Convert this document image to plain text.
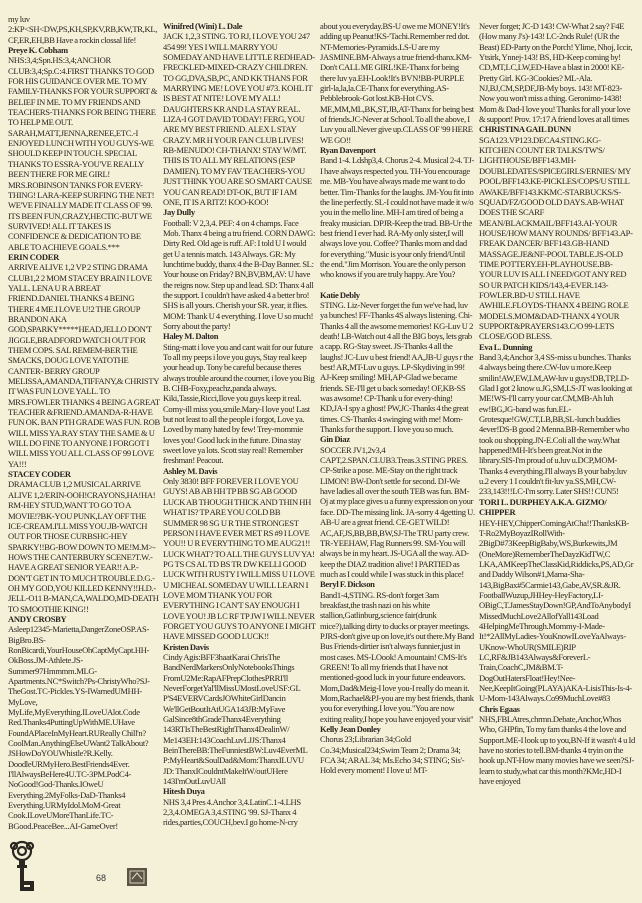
my luv 2:KP<SH<DW,PS,KH,SP,KV,RB,KW,TR,KL,CF,ER,EH,BB Have a rockin clossal life!
Preye K. Cobham
NHS:3,4;Spn.HS:3,4;ANCHOR CLUB:3,4;Sp.C:4.FIRST THANKS TO GOD FOR HIS GUIDANCE OVER ME. TO MY FAMILY-THANKS FOR YOUR SUPPORT & BELIEF IN ME. TO MY FRIENDS AND TEACHERS-THANKS FOR BEING THERE TO HELP ME OUT. SARAH,MATT,JENNA,RENEE,ETC.-I ENJOYED LUNCH WITH YOU GUYS-WE SHOULD KEEP IN TOUCH. SPECIAL THANKS TO ESSRA-YOU'VE REALLY BEEN THERE FOR ME GIRL! MRS.ROBINSON TANKS FOR EVERY-THING! LARA-KEEP SURFING THE NET! WE'VE FINALLY MADE IT CLASS OF '99. ITS BEEN FUN,CRAZY,HECTIC-BUT WE SURVIVED! ALL IT TAKES IS CONFIDENCE & DEDICATION TO BE ABLE TO ACHIEVE GOALS.***
ERIN CODER
ARRIVE ALIVE 1,2 VP 2 STING DRAMA CLUB1,2 2 MOM STACEY BRAIN I LOVE YALL. LENA U R A BREAT FRIEND.DANIEL THANKS 4 BEING THERE 4 ME.I LOVE U!2 THE GROUP BRANDON AKA GOD,SPARKY*****HEAD,JELLO DON'T JIGGLE,BRADFORD WATCH OUT FOR THEM COPS. SAL REMEM-BER THE SMACKS, DOUG LOVE YATOTHE CANTER- BERRY GROUP MELISSA,AMANDA,TIFFANY,& CHRISTY IT WAS FUN LOVE YALL. TO MRS.FOWLER THANKS 4 BEING A GREAT TEACHER &FRIEND.AMANDA-R-HAVE FUN OK. BAN PTH GRADE WAS FUN. ROB WILL MISS YA.RAY STAY THE SAME & U WILL DO FINE TO ANYONE I FORGOT I WILL MISS YOU ALL CLASS OF 99 LOVE YA!!!
STACEY CODER
DRAMA CLUB 1,2 MUSICAL ARRIVE ALIVE 1,2/ERIN-OOH!CRAYONS,HA!HA! RM-HEY STUD,WANT TO GO TO A MOVIE!?BK-YOU PUNK,LAY OFF THE ICE-CREAM.I'LL MISS YOU.JB-WATCH OUT FOR THOSE CURBSHC-HEY SPARKY!!BG-BOW DOWN TO ME!M.M>-HOWS THE CANTERBURY SCENE?T.W.-HAVE A GREAT SENIOR YEAR!! A.P.-DON'T GET IN TO MUCH TROUBLE.D.G.-OH MY GOD,YOU KILLED KENNY!!H.D.-JELL-O11 B-MAN,CA,WALDO,MD-DEATH TO SMOOTHIE KING!!
ANDY CROSBY
Asleep12345-Marietta,DangerZoneOSP.AS-BigBro.BS-RonBicardi,YourHouseOhCaptMyCapt.HH-OkBoss.JM-Athlete.JS-Summer97Hmmmm.MLG-Apartments.NC*Switch?Ps-ChristyWho?SJ-TheGost.TC-Pickles.YS-IWarnedUMHH-MyLove, MyLife,MyEverything.ILoveUAlot.Code Red.Thanks4PuttingUpWithME.UHave FoundAPlaceInMyHeart.RUReally Chill'n?CoolMan.AnythingElseUWant2 TalkAbout?JSHowDoYOUWhistle?R.Kelly. DoodleURMyHero.BestFriends4Ever. I'llAlwaysBeHere4U.TC-3PM.PodC4-NoGood!God-Thanks.IOweU Everything.2MyFolks-DaD-Thanks4 Everything.URMyIdol.MoM-Great Cook.ILoveUMoreThanLife.TC-BGood.PeaceBee...AI-GameOver!
Winifred (Wini) L. Dale
JACK 1,2,3 STING. TO RJ, I LOVE YOU 247 454 99! YES I WILL MARRY YOU SOMEDAY AND HAVE LITTLE REDHEAD-FRECKLED-MIXED-CRAZY CHILDREN. TO GG,DVA,SB,PC, AND KK THANS FOR MARRYING ME! LOVE YOU #73. KOHL IT IS BEST AT NITE! LOVE MY ALL! DAUGHTERS KR AND LA STAY REAL. LIZA-I GOT DAVID TODAY! FERG, YOU ARE MY BEST FRIEND. ALEX L STAY CRAZY. MR H YOUR FAN CLUB LIVES! RB-MENUDO! CH-THANX! STAY W/MT. THIS IS TO ALL MY RELATIONS (ESP DAMIEN). TO MY FAV TEACHERS-YOU JUST THINK YOU ARE SO SMART CAUSE YOU CAN READ! DT-OK, BUT IF I AM ONE, IT IS A RITZ! KOO-KOO!
Jay Dully
Football: V 2,3,4. PEF: 4 on 4 champs. Face Mob. Thanx 4 being a tru friend. CORN DAWG: Dirty Red. Old age is ruff. AF: I told U I would get U a tennis match. 143 Always. GR: My lunchtime buddy, thanx 4 the B-Day Banner. SL: Your house on Friday? BN,BV,BM,AV: U have the reigns now. Step up and lead. SD: Thanx 4 all the support. I couldn't have asked 4 a better bro! SHS is all yours. Cherish your SR. year, it flies. MOM: Thank U 4 everything. I love U so much! Sorry about the party!
Haley M. Dalton
Sting-matt i love you and cant wait for our future To all my peeps i love you guys, Stay real keep your head up. Tony be careful because theres always trouble around the courner, i love you Big B. CHB-Foxy,peachz,panda always. Kiki,Tassie,Ricci,Ilove you guys keep it real. Corny-ill miss you,smile.Mary-I love you! Last but not least to all the people i forgot, Love ya. Loved by many hated by few! Trey-mommie loves you! Good luck in the future. Dina stay sweet love ya lots. Scott stay real! Remember freshman! Peacout.
Ashley M. Davis
Only 3830! BFF FOREVER I LOVE YOU GUYS! AB AB HH TP BB SG AB GOOD LUCK AB THOUGH THICK AND THIN HH WHAT IS? TP ARE YOU COLD BB SUMMER 98 SG U R THE STRONGEST PERSON I HAVE EVER MET RS #9 I LOVE YOU!! U R EVERYTHING TO ME AUG21!! LUCK WHAT? TO ALL THE GUYS LUV YA! PG TS CS AL TD BS TR DW KELLI GOOD LUCK WITH RUSTY I WILL MISS U I LOVE U MICHEAL SOMEDAY U WILL LEARN I LOVE MOM THANK YOU FOR EVERYTHING I CAN'T SAY ENOUGH I LOVE YOU! JB LC RF TP JW I WILL NEVER FORGET YOU GUYS TO ANYONE I MIGHT HAVE MISSED GOOD LUCK!!
Kristen Davis
Cindy Agis:BFF3haatKarai ChrisThe BandNerdMarkersOnlyNotebooksThings FromU2Me:RapAFPrepClothesPRRI'll NeverForgetYal'llMissUMostLoveUSF:GL P'S4EVERVCardsJOWhiteGirlDancin We'llGetBoutItAtUGA143JB:MyFave GalSince8thGradeThanx4Everything 143RTIsTheBestRightThanx4DealinW/ Me143EH:143CoachLuvLJJS:Thanx4 BeinThereBB:TheFunniestBW:Luv4EverML P:MyHeart&SoulDad&Mom:ThanxILUVU JD: ThanxICouldntMakeItW/outUHere 143I'mOutLuvUAll
Hitesh Duya
NHS 3,4 Pres 4.Anchor 3,4.LatinC.1-4.LHS 2,3,4.OMEGA 3,4.STING '99. SJ-Thanx 4 rides,parties,COUCH,bev.I go home-N-cry
about you everyday.BS-U owe me MONEY!It's adding up Peanut!KS-'Tachi.Remember red dot. NT-Memories-Pyramids.LS-U are my JASMINE.BM-Always a true friend-thanx.KM-Don't CALL ME GIRL!KE-Thanx for being there luv ya.EH-Look!It's BVN!BB-PURPLE girl-la,la,la.CE-Thanx for everything.AS-Pebblebrook-Got lost.KB-Hot CVS. ME,MM,ML,BK,ST,JB,AT-Thanx for being best of friends.JC-Never at School. To all the above, I Luv you all.Never give up.CLASS OF '99 HERE WE GO!!
Ryan Davenport
Band 1-4. Ldshp3,4. Chorus 2-4. Musical 2-4. TJ-I have always respected you. TH-You encourage me. MB-You have always made me want to do better. Tim-Thanks for the laughs. JM-You fit into the line perfectly. SL-I could not have made it w/o you in the mello line. MH-I am tired of being a freaky musician. DPJR-Keep the trad. BB-Ur the best friend I ever had. RA-My only sister,I will always love you. Coffee? Thanks mom and dad for everything."Music is your only friend/Until the end."Jim Morrison. You are the only person who knows if you are truly happy. Are You?
Katie Debly
STING. Liz-Never forget the fun we've had, luv ya bunches! FF-Thanks 4S always listening. Chi-Thanks 4 all the awsome memories! KG-Luv U 2 death! LB-Watch out 4 all the BIG boys, lets grab a capp. RG-Stay sweet. JS-Thanks 4 all the laughs! JC-Luv u best friend! AA,JB-U guys r the best! AR,MT-Luv u guys. LP-Skydiving in 99! AJ-Keep smiling! MH,AP-Glad we became friends. SE-I'll get u back someday! OF,KB-SS was awsome! CP-Thank u for every-thing! KD,JA-I spy a ghost! PW,JC-Thanks 4 the great times. CS-Thanks 4 swinging with me! Mom-Thanks for the support. I love you so much.
Gin Diaz
SOCCER JV1,2v3,4 CAPT,2.SPAN.CLUB3.Treas.3.STING PRES. CP-Strike a pose. ME-Stay on the right track LIMON! BW-Don't settle for second. DJ-We have ladies all over the south TEB was fun. BM-Oj at my place gives u a funny expression on your face. DD-The missing link. JA-sorry 4 4getting U. AB-U are a great friend. CE-GET WILD! AC,AF,JS,BB,BB,BW,SJ-The TRU party crew. TR-YEEHAW, Flag Runners 99. SM-You will always be in my heart. JS-UGA all the way. AD-keep the DIAZ tradition alive! I PARTIED as much as I could while I was stuck in this place!
Beryl F. Dickson
Band1-4,STING. RS-don't forget 3am breakfast,the trash nazi on his white stallion,Gatlinburg,science fair(drunk mice?),talking dirty to ducks or prayer meetings. PJRS-don't give up on love,it's out there.My Band Bus Friends-dirtier isn't always funnier,just in most cases. MS-LOook! A mountain! CMS-It's GREEN! To all my friends that I have not mentioned-good luck in your future endeavors. Mom,Dad&Meig-I love you-I really do mean it. Mom,Rachael&PJ-you are my best friends, thank you for everything.I love you."You are now exiting reality,I hope you have enjoyed your visit"
Kelly Jean Donley
Chorus 23;Librarian 34;Gold Co.34;Musical234;Swim Team 2; Drama 34; FCA 34; ARAL 34; Ms.Echo 34; STING; Sis'-Hold every moment! I love u! MT-
Never forget; JC-D 143! CW-What 2 say? F4E (How many J's)-143! LC-2nds Rule! (UR the Beast) ED-Party on the Porch! Ylime, Nhoj, Iccir, Ytsirk, Ynnej-143! BS, HD-Keep coming by! CD,MT,LC,LW,ED-Have a blast in 2000! KE-Pretty Girl. KG-3Cookies? ML-Ala. NJ,BJ,CM,SP,DF,JB-My boys. 143! MT-823-Now you won't miss a thing. Geronimo-1438! Mom & Dad-I love you! Thanks for all your love & support! Prov. 17:17 A friend loves at all times
CHRISTINA GAIL DUNN
SGA123.VP123.DECA4.STING.KG-KITCHEN COUNT ER TALKS/TW'S/ LIGHTHOUSE/BFF143.MH-DOUBLEDATES/SPICEGIRLS/ERNIES/ MY POOL/BFF143.KE-PICKLES/COPS/U STILL AWAKE/BFF143.KKMC-STARBUCKS/S-SQUAD/FZ/GOOD OLD DAYS.AB-WHAT DOES THE SCARF MEAN/BLACKMAIL/BFF143.AI-YOUR HOUSE/HOW MANY ROUNDS/ BFF143.AP-FREAK DANCER/ BFF143.GB-HAND MASSAGE.JE&NF-POOL TABLE.JS-OLD TIME POTTERY.EH-PLAYHOUSE.BB-YOUR LUV IS ALL I NEED/GOT ANY RED SO UR PATCH KIDS/143,4-EVER.143-FOWLER.BD-U STILL HAVE AWHILE.FLOYDS-THANX 4 BEING ROLE MODELS.MOM&DAD-THANX 4 YOUR SUPPORT&PRAYERS143.C/O 99-LETS CLOSE/GOD BLESS.
Eva L. Dunning
Band 3,4;Anchor 3,4 SS-miss u bunches. Thanks 4 always being there.CW-luv u more.Keep smilin!AW,EW,LM,AW-luv u guys!DB,TP,LD-Glad I got 2 know u.JG,SM,LS-JT was looking at ME!WS-I'll carry your car.CM,MB-Ah luh ew!BG,JG-band was fun.EL-Grotesque!GW,CT,LB,BB,SL-lunch buddies 4ever!DS-B good 2 Menna.BB-Remember who took ou shopping.JN-E.Coli all the way.What happened!MH-It's been great.Not in the library.SIS-I'm proud of u.luv u.DCP,MOM-Thanks 4 everything.I'll always B your baby.luv u.2 every 1 I couldn't fit-luv ya.SS,MH,CW-233,143!!!LC-I'm sorry. Later SHS!! CUN5!
TORI L. DURPHEY A.K.A. GIZMO/ CHIPPER
HEY-HEY,ChipperComingAtCha!!ThanksKB-T-Ro2MyBoyazIRollWith-2BigD#73KeepBigBaby,WS,Burkewits,JM (OneMore)RememberTheDayzKidTW,C LKA,AMKeepTheClassKid,Riddicks,PS,AD,Grand Daddy Wilson#1,Mama-Sha-143,BigBax#5Carmie143,Gabe,AV,SR.&JR. FootballWuzup,JHHey-HeyFactory,LI-OBigC,T.JamesStayDown!GP,AndToAnybodyI MissedMuchLove2AllofYall143Load 4HelpingMeThrough.Mommy-I-Made-It!*2AllMyLadies-YouKnowILoveYaAlways-UKnow-WhoUR(SMILE)RIP LC,RF&JB143Always&ForeverL-Train,CoachC,JM&BM.T-DogOutHatersFloat!Hey!Nee-Nee,KeepItGoing(PLAYA)AKA-LisisThis-Is-4-U-Mom-143Always.Co99MuchLove#83
Chris Egaas
NHS,FBLAtres,chrmn.Debate,Anchor,Whos Who, GHPfin, To my fam thanks 4 the love and Support.ME-I look up to you,BN-If it wasn't 4 u Id have no stories to tell.BM-thanks 4 tryin on the hook up.NT-How many movies have we seen?SJ-learn to study,what car this month?KMc,HD-I have enjoyed
68
